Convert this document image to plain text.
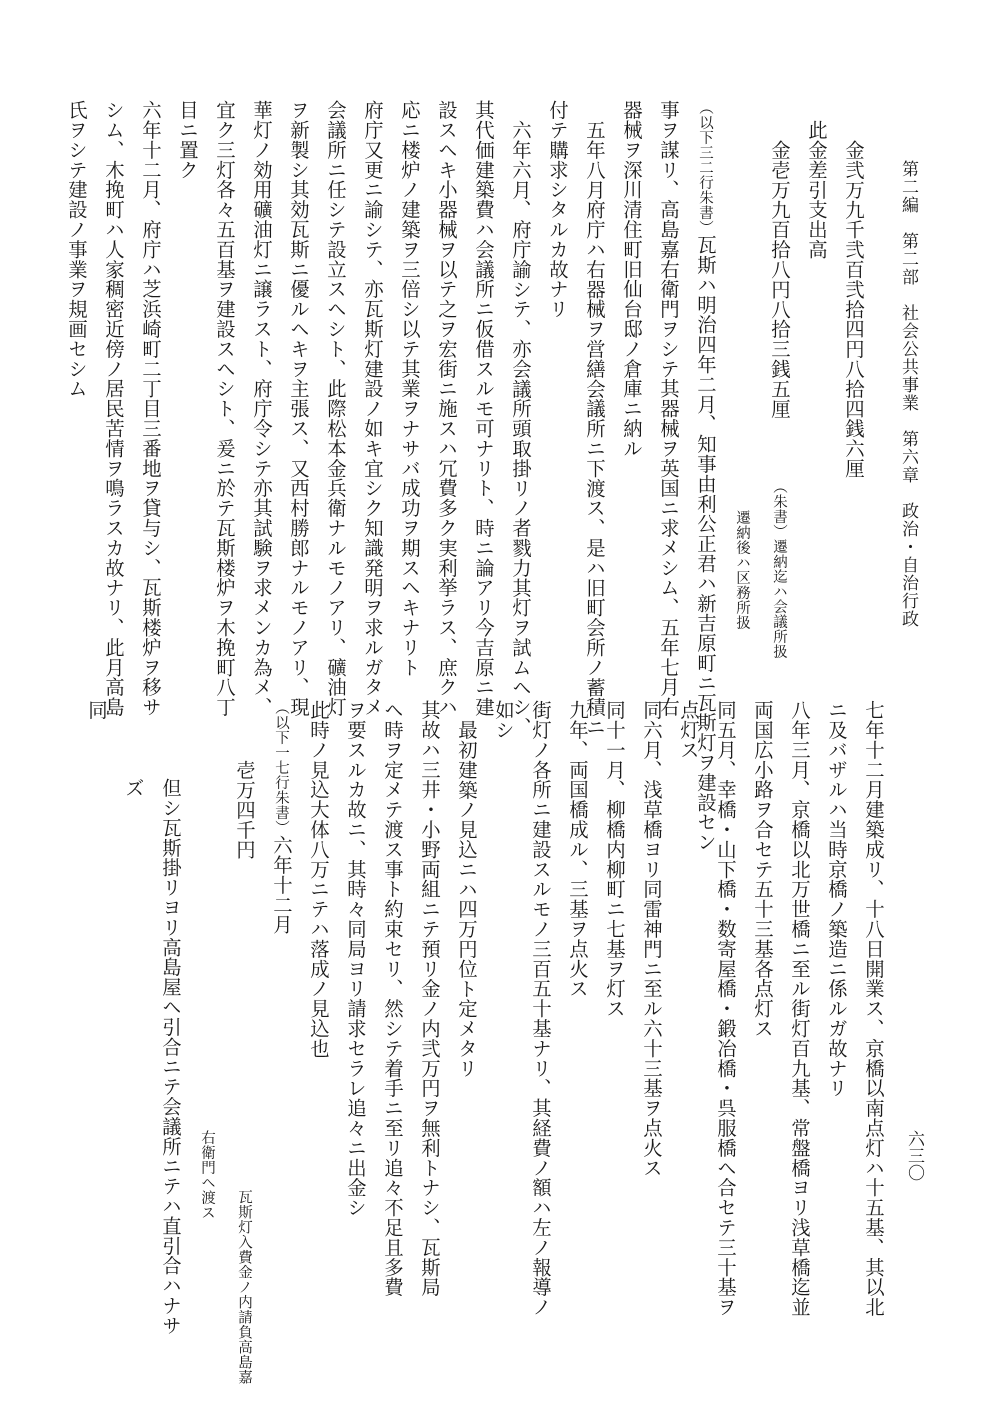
第二編　第二部　社会公共事業　第六章　政治・自治行政

金弐万九千弐百弐拾四円八拾四銭六厘

此金差引支出高

金壱万九百拾八円八拾三銭五厘（朱書）遷納迄ハ会議所扱

遷納後ハ区務所扱

（以下三二行朱書）瓦斯ハ明治四年二月、知事由利公正君ハ新吉原町ニ瓦斯灯ヲ建設セン

事ヲ謀リ、高島嘉右衛門ヲシテ其器械ヲ英国ニ求メシム、五年七月右

器械ヲ深川清住町旧仙台邸ノ倉庫ニ納ル

五年八月府庁ハ右器械ヲ営繕会議所ニ下渡ス、是ハ旧町会所ノ蓄積ニ

付テ購求シタルカ故ナリ

六年六月、府庁諭シテ、亦会議所頭取掛リノ者戮力其灯ヲ試ムヘシ、

其代価建築費ハ会議所ニ仮借スルモ可ナリト、時ニ論アリ今吉原ニ建

設スヘキ小器械ヲ以テ之ヲ宏街ニ施スハ冗費多ク実利挙ラス、庶クハ

応ニ楼炉ノ建築ヲ三倍シ以テ其業ヲナサバ成功ヲ期スヘキナリト

府庁又更ニ諭シテ、亦瓦斯灯建設ノ如キ宜シク知識発明ヲ求ルガタメ

会議所ニ任シテ設立スヘシト、此際松本金兵衛ナルモノアリ、礦油灯

ヲ新製シ其効瓦斯ニ優ルヘキヲ主張ス、又西村勝郎ナルモノアリ、現

華灯ノ効用礦油灯ニ譲ラスト、府庁令シテ亦其試験ヲ求メンカ為メ、

宜ク三灯各々五百基ヲ建設スヘシト、爰ニ於テ瓦斯楼炉ヲ木挽町八丁

目ニ置ク

六年十二月、府庁ハ芝浜崎町二丁目三番地ヲ貸与シ、瓦斯楼炉ヲ移サ

シム、木挽町ハ人家稠密近傍ノ居民苦情ヲ鳴ラスカ故ナリ、此月高島

氏ヲシテ建設ノ事業ヲ規画セシム

七年十二月建築成リ、十八日開業ス、京橋以南点灯ハ十五基、其以北

ニ及バザルハ当時京橋ノ築造ニ係ルガ故ナリ

八年三月、京橋以北万世橋ニ至ル街灯百九基、常盤橋ヨリ浅草橋迄並

両国広小路ヲ合セテ五十三基各点灯ス

同五月、幸橋・山下橋・数寄屋橋・鍛冶橋・呉服橋ヘ合セテ三十基ヲ

点灯ス

同六月、浅草橋ヨリ同雷神門ニ至ル六十三基ヲ点火ス

同十一月、柳橋内柳町ニ七基ヲ灯ス

九年、両国橋成ル、三基ヲ点火ス

街灯ノ各所ニ建設スルモノ三百五十基ナリ、其経費ノ額ハ左ノ報導ノ

如シ

最初建築ノ見込ニハ四万円位ト定メタリ

其故ハ三井・小野両組ニテ預リ金ノ内弐万円ヲ無利トナシ、瓦斯局

ヘ時ヲ定メテ渡ス事ト約束セリ、然シテ着手ニ至リ追々不足且多費

ヲ要スルカ故ニ、其時々同局ヨリ請求セラレ追々ニ出金シ

此時ノ見込大体八万ニテハ落成ノ見込也

（以下一七行朱書）六年十二月

壱万四千円瓦斯灯入費金ノ内請負高島嘉

右衛門ヘ渡ス

但シ瓦斯掛リヨリ高島屋ヘ引合ニテ会議所ニテハ直引合ハナサ

ズ

同

六三〇
